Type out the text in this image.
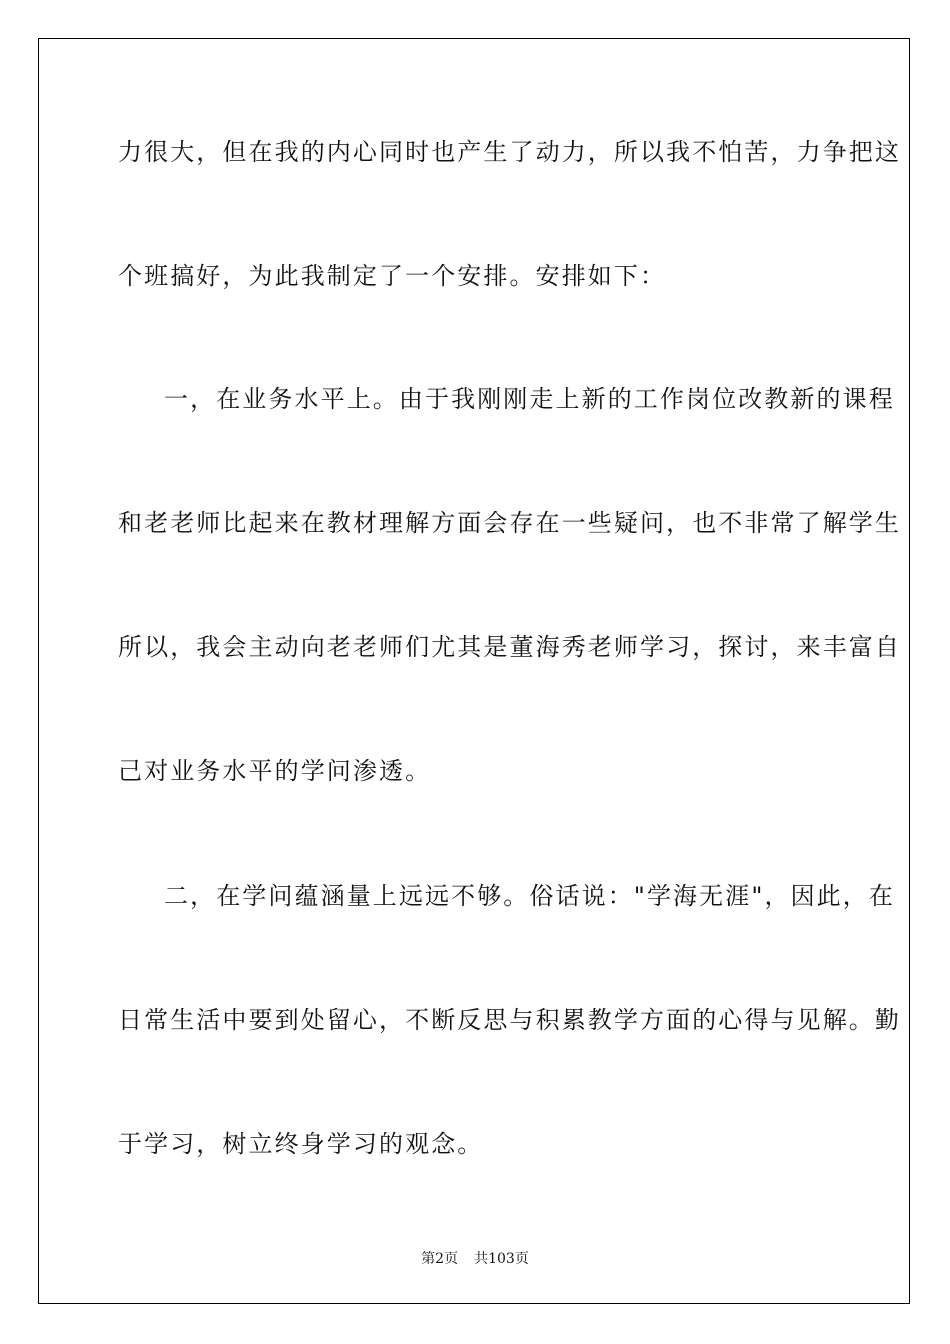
力很大，但在我的内心同时也产生了动力，所以我不怕苦，力争把这
个班搞好，为此我制定了一个安排。安排如下：
一，在业务水平上。由于我刚刚走上新的工作岗位改教新的课程
和老老师比起来在教材理解方面会存在一些疑问，也不非常了解学生
所以，我会主动向老老师们尤其是董海秀老师学习，探讨，来丰富自
己对业务水平的学问渗透。
二，在学问蕴涵量上远远不够。俗话说："学海无涯"，因此，在
日常生活中要到处留心，不断反思与积累教学方面的心得与见解。勤
于学习，树立终身学习的观念。
第2页 共103页
